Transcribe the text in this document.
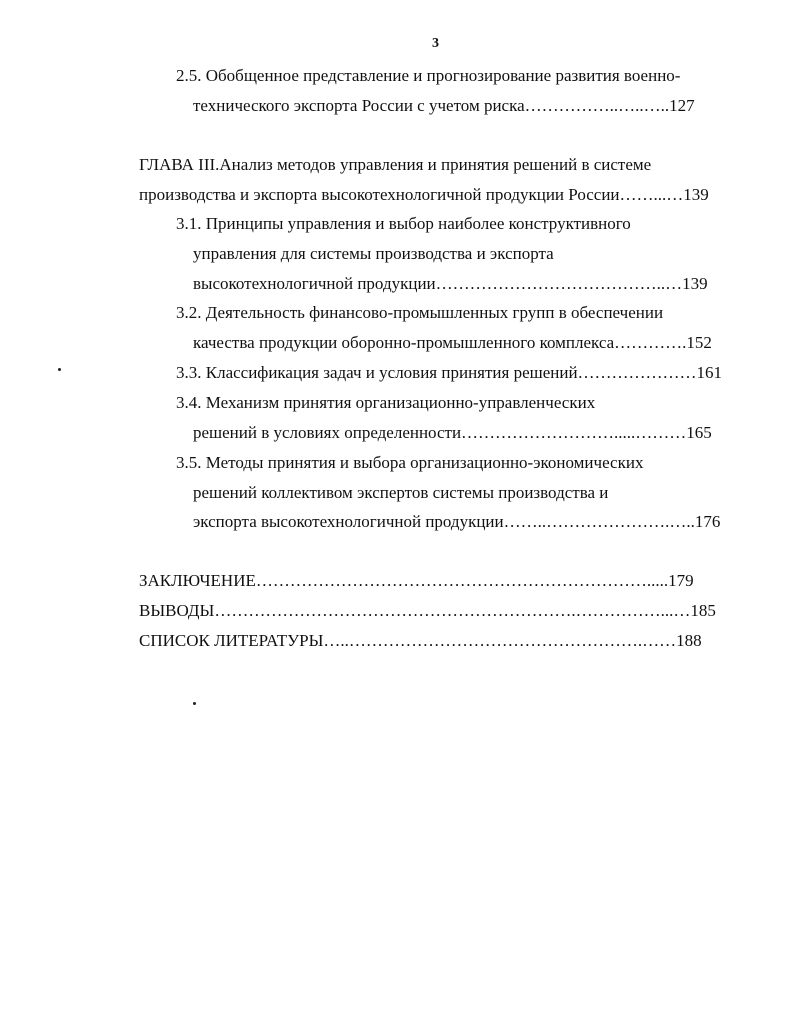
3
2.5. Обобщенное представление и прогнозирование развития военно-
технического экспорта России с учетом риска……………..…..…..127
ГЛАВА III.Анализ методов управления и принятия решений в системе
производства и экспорта высокотехнологичной продукции России……...…139
3.1. Принципы управления и выбор наиболее конструктивного
управления для системы производства и экспорта
высокотехнологичной продукции…………………………………..…139
3.2. Деятельность финансово-промышленных групп в обеспечении
качества продукции оборонно-промышленного комплекса………….152
3.3. Классификация задач и условия принятия решений…………………161
3.4. Механизм принятия организационно-управленческих
решений в условиях определенности……………………….....………165
3.5. Методы принятия и выбора организационно-экономических
решений коллективом экспертов системы производства и
экспорта высокотехнологичной продукции……..………………….…..176
ЗАКЛЮЧЕНИЕ…………………………………………………………….....179
ВЫВОДЫ……………………………………………………….……………...…185
СПИСОК ЛИТЕРАТУРЫ…..…………………………………………….……188
